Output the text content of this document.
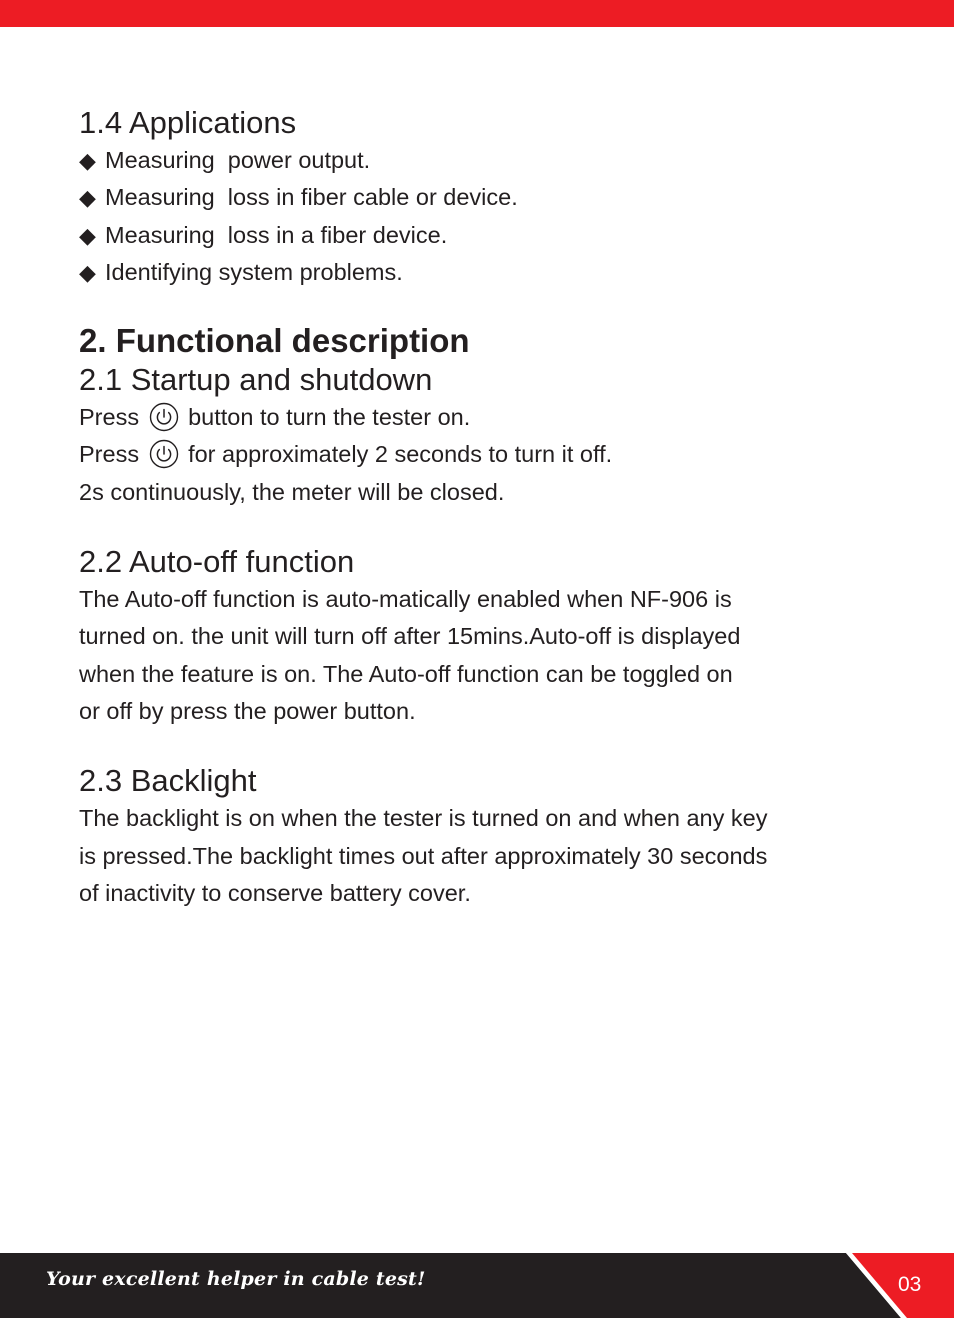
1.4 Applications
◆ Measuring  power output.
◆ Measuring  loss in fiber cable or device.
◆ Measuring  loss in a fiber device.
◆ Identifying system problems.
2. Functional description
2.1 Startup and shutdown
Press button to turn the tester on.
Press for approximately 2 seconds to turn it off.
2s continuously, the meter will be closed.
2.2 Auto-off function
The Auto-off function is auto-matically enabled when NF-906 is
turned on. the unit will turn off after 15mins.Auto-off is displayed
when the feature is on. The Auto-off function can be toggled on
or off by press the power button.
2.3 Backlight
The backlight is on when the tester is turned on and when any key
is pressed.The backlight times out after approximately 30 seconds
of inactivity to conserve battery cover.
Your excellent helper in cable test!	03
